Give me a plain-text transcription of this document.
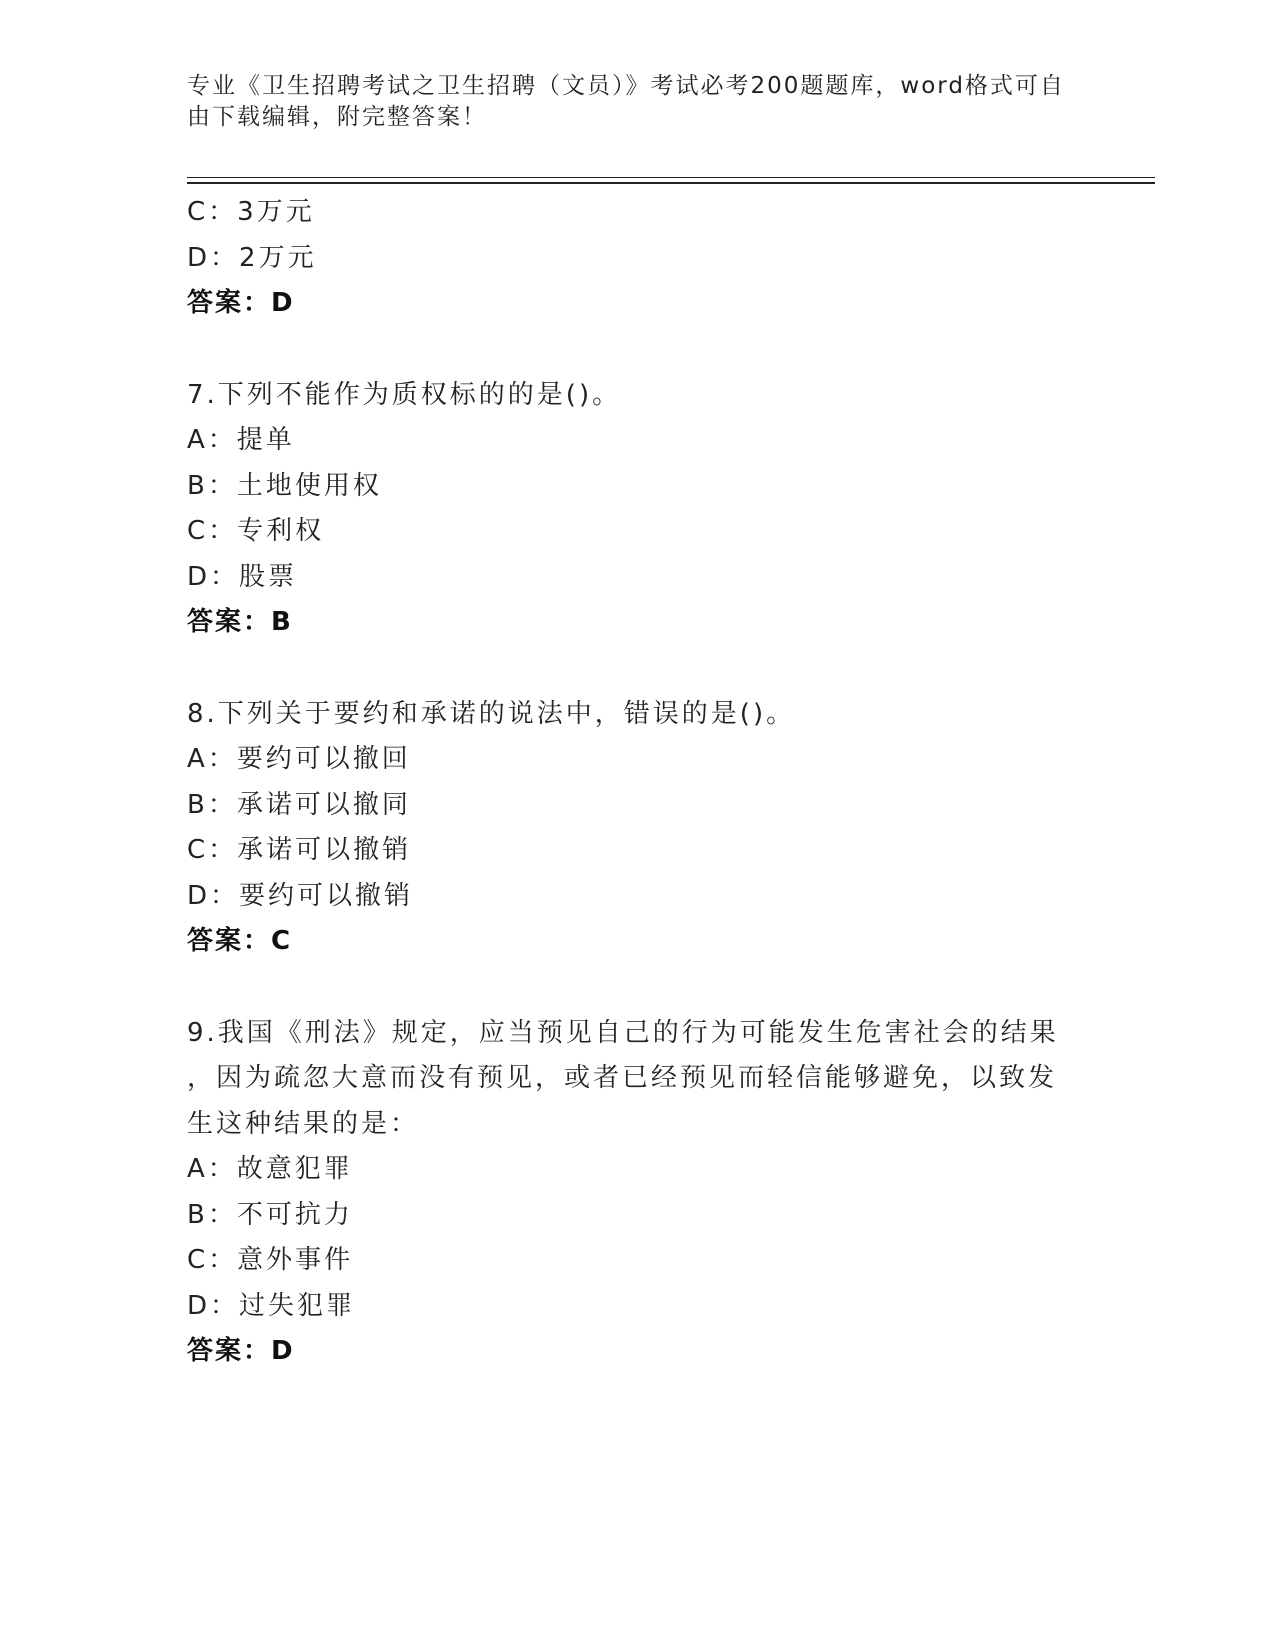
专业《卫生招聘考试之卫生招聘（文员）》考试必考200题题库，word格式可自
由下载编辑，附完整答案！
C：3万元
D：2万元
答案：D
7.下列不能作为质权标的的是()。
A：提单
B：土地使用权
C：专利权
D：股票
答案：B
8.下列关于要约和承诺的说法中，错误的是()。
A：要约可以撤回
B：承诺可以撤同
C：承诺可以撤销
D：要约可以撤销
答案：C
9.我国《刑法》规定，应当预见自己的行为可能发生危害社会的结果
，因为疏忽大意而没有预见，或者已经预见而轻信能够避免，以致发
生这种结果的是：
A：故意犯罪
B：不可抗力
C：意外事件
D：过失犯罪
答案：D
